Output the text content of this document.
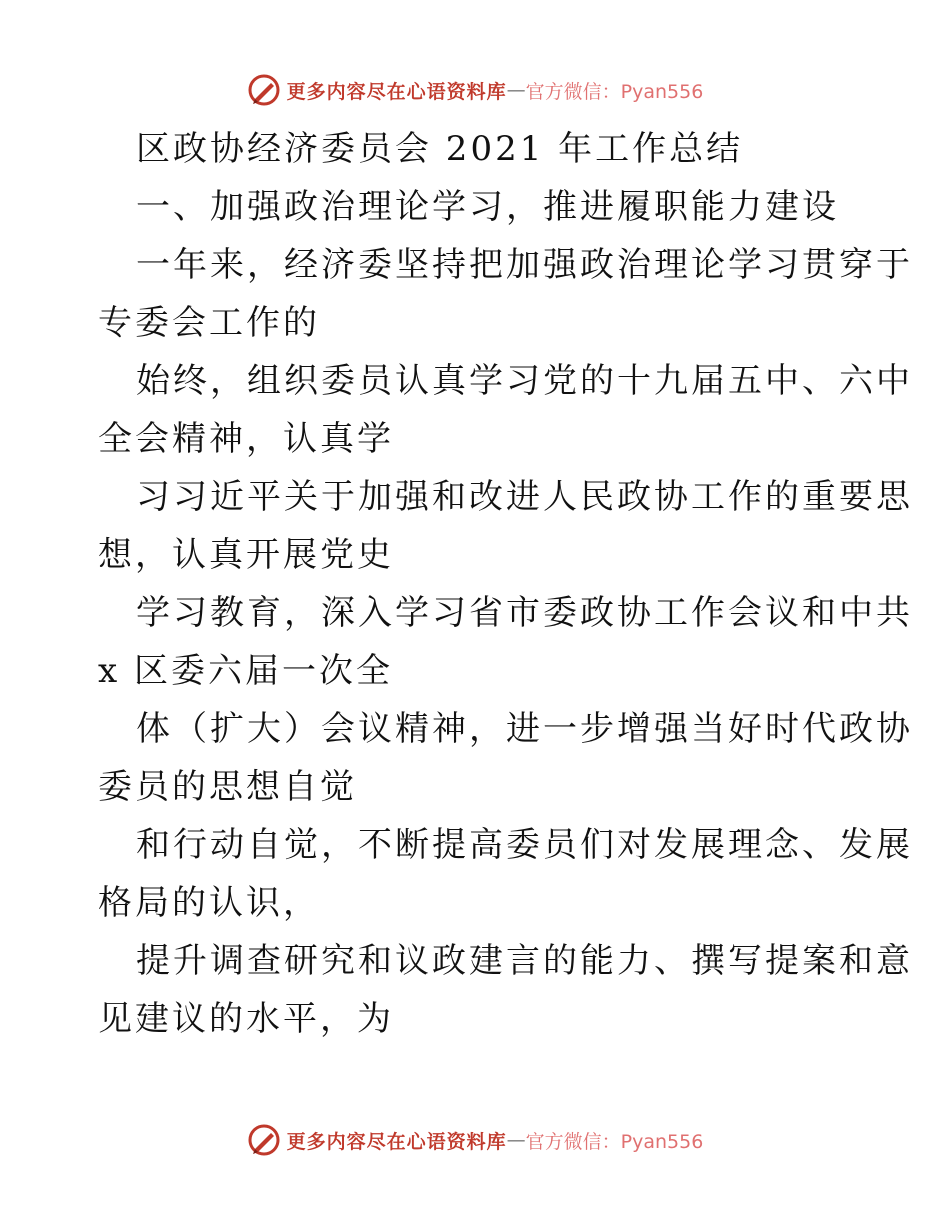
更多内容尽在心语资料库 — 官方微信：Pyan556
区政协经济委员会 2021 年工作总结
一、加强政治理论学习，推进履职能力建设
一年来，经济委坚持把加强政治理论学习贯穿于
专委会工作的
始终，组织委员认真学习党的十九届五中、六中
全会精神，认真学
习习近平关于加强和改进人民政协工作的重要思
想，认真开展党史
学习教育，深入学习省市委政协工作会议和中共
x 区委六届一次全
体（扩大）会议精神，进一步增强当好时代政协
委员的思想自觉
和行动自觉，不断提高委员们对发展理念、发展
格局的认识，
提升调查研究和议政建言的能力、撰写提案和意
见建议的水平，为
更多内容尽在心语资料库 — 官方微信：Pyan556
